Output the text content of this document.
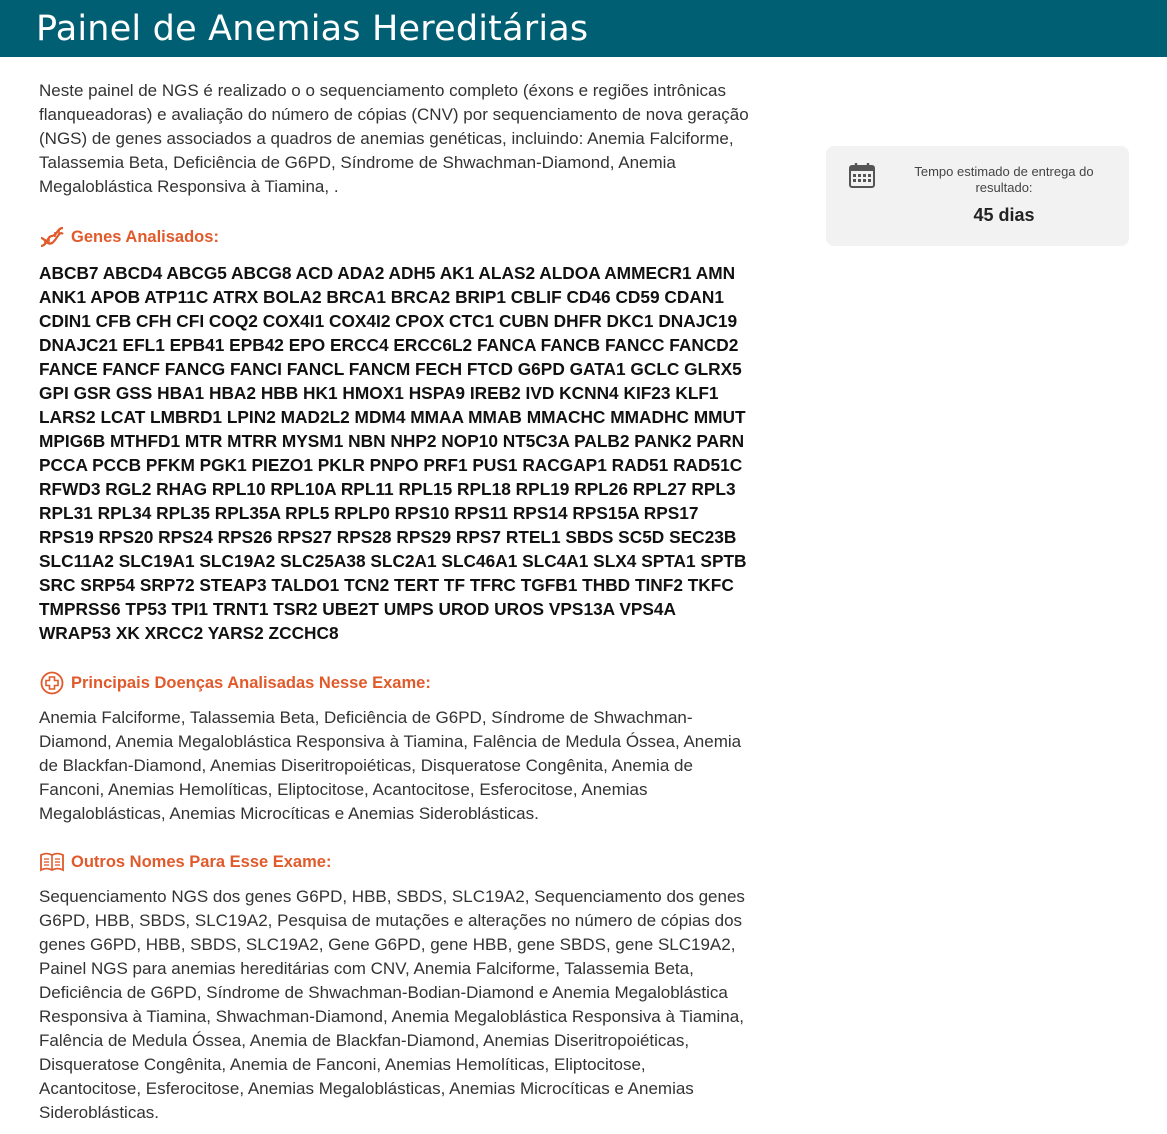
Painel de Anemias Hereditárias

Neste painel de NGS é realizado o o sequenciamento completo (éxons e regiões intrônicas flanqueadoras) e avaliação do número de cópias (CNV) por sequenciamento de nova geração (NGS) de genes associados a quadros de anemias genéticas, incluindo: Anemia Falciforme, Talassemia Beta, Deficiência de G6PD, Síndrome de Shwachman-Diamond, Anemia Megaloblástica Responsiva à Tiamina, .

Genes Analisados:
ABCB7 ABCD4 ABCG5 ABCG8 ACD ADA2 ADH5 AK1 ALAS2 ALDOA AMMECR1 AMN ANK1 APOB ATP11C ATRX BOLA2 BRCA1 BRCA2 BRIP1 CBLIF CD46 CD59 CDAN1 CDIN1 CFB CFH CFI COQ2 COX4I1 COX4I2 CPOX CTC1 CUBN DHFR DKC1 DNAJC19 DNAJC21 EFL1 EPB41 EPB42 EPO ERCC4 ERCC6L2 FANCA FANCB FANCC FANCD2 FANCE FANCF FANCG FANCI FANCL FANCM FECH FTCD G6PD GATA1 GCLC GLRX5 GPI GSR GSS HBA1 HBA2 HBB HK1 HMOX1 HSPA9 IREB2 IVD KCNN4 KIF23 KLF1 LARS2 LCAT LMBRD1 LPIN2 MAD2L2 MDM4 MMAA MMAB MMACHC MMADHC MMUT MPIG6B MTHFD1 MTR MTRR MYSM1 NBN NHP2 NOP10 NT5C3A PALB2 PANK2 PARN PCCA PCCB PFKM PGK1 PIEZO1 PKLR PNPO PRF1 PUS1 RACGAP1 RAD51 RAD51C RFWD3 RGL2 RHAG RPL10 RPL10A RPL11 RPL15 RPL18 RPL19 RPL26 RPL27 RPL3 RPL31 RPL34 RPL35 RPL35A RPL5 RPLP0 RPS10 RPS11 RPS14 RPS15A RPS17 RPS19 RPS20 RPS24 RPS26 RPS27 RPS28 RPS29 RPS7 RTEL1 SBDS SC5D SEC23B SLC11A2 SLC19A1 SLC19A2 SLC25A38 SLC2A1 SLC46A1 SLC4A1 SLX4 SPTA1 SPTB SRC SRP54 SRP72 STEAP3 TALDO1 TCN2 TERT TF TFRC TGFB1 THBD TINF2 TKFC TMPRSS6 TP53 TPI1 TRNT1 TSR2 UBE2T UMPS UROD UROS VPS13A VPS4A WRAP53 XK XRCC2 YARS2 ZCCHC8
Principais Doenças Analisadas Nesse Exame:
Anemia Falciforme, Talassemia Beta, Deficiência de G6PD, Síndrome de Shwachman-Diamond, Anemia Megaloblástica Responsiva à Tiamina, Falência de Medula Óssea, Anemia de Blackfan-Diamond, Anemias Diseritropoiéticas, Disqueratose Congênita, Anemia de Fanconi, Anemias Hemolíticas, Eliptocitose, Acantocitose, Esferocitose, Anemias Megaloblásticas, Anemias Microcíticas e Anemias Sideroblásticas.
Outros Nomes Para Esse Exame:
Sequenciamento NGS dos genes G6PD, HBB, SBDS, SLC19A2, Sequenciamento dos genes G6PD, HBB, SBDS, SLC19A2, Pesquisa de mutações e alterações no número de cópias dos genes G6PD, HBB, SBDS, SLC19A2, Gene G6PD, gene HBB, gene SBDS, gene SLC19A2, Painel NGS para anemias hereditárias com CNV, Anemia Falciforme, Talassemia Beta, Deficiência de G6PD, Síndrome de Shwachman-Bodian-Diamond e Anemia Megaloblástica Responsiva à Tiamina, Shwachman-Diamond, Anemia Megaloblástica Responsiva à Tiamina, Falência de Medula Óssea, Anemia de Blackfan-Diamond, Anemias Diseritropoiéticas, Disqueratose Congênita, Anemia de Fanconi, Anemias Hemolíticas, Eliptocitose, Acantocitose, Esferocitose, Anemias Megaloblásticas, Anemias Microcíticas e Anemias Sideroblásticas.
Tempo estimado de entrega do resultado:
45 dias
